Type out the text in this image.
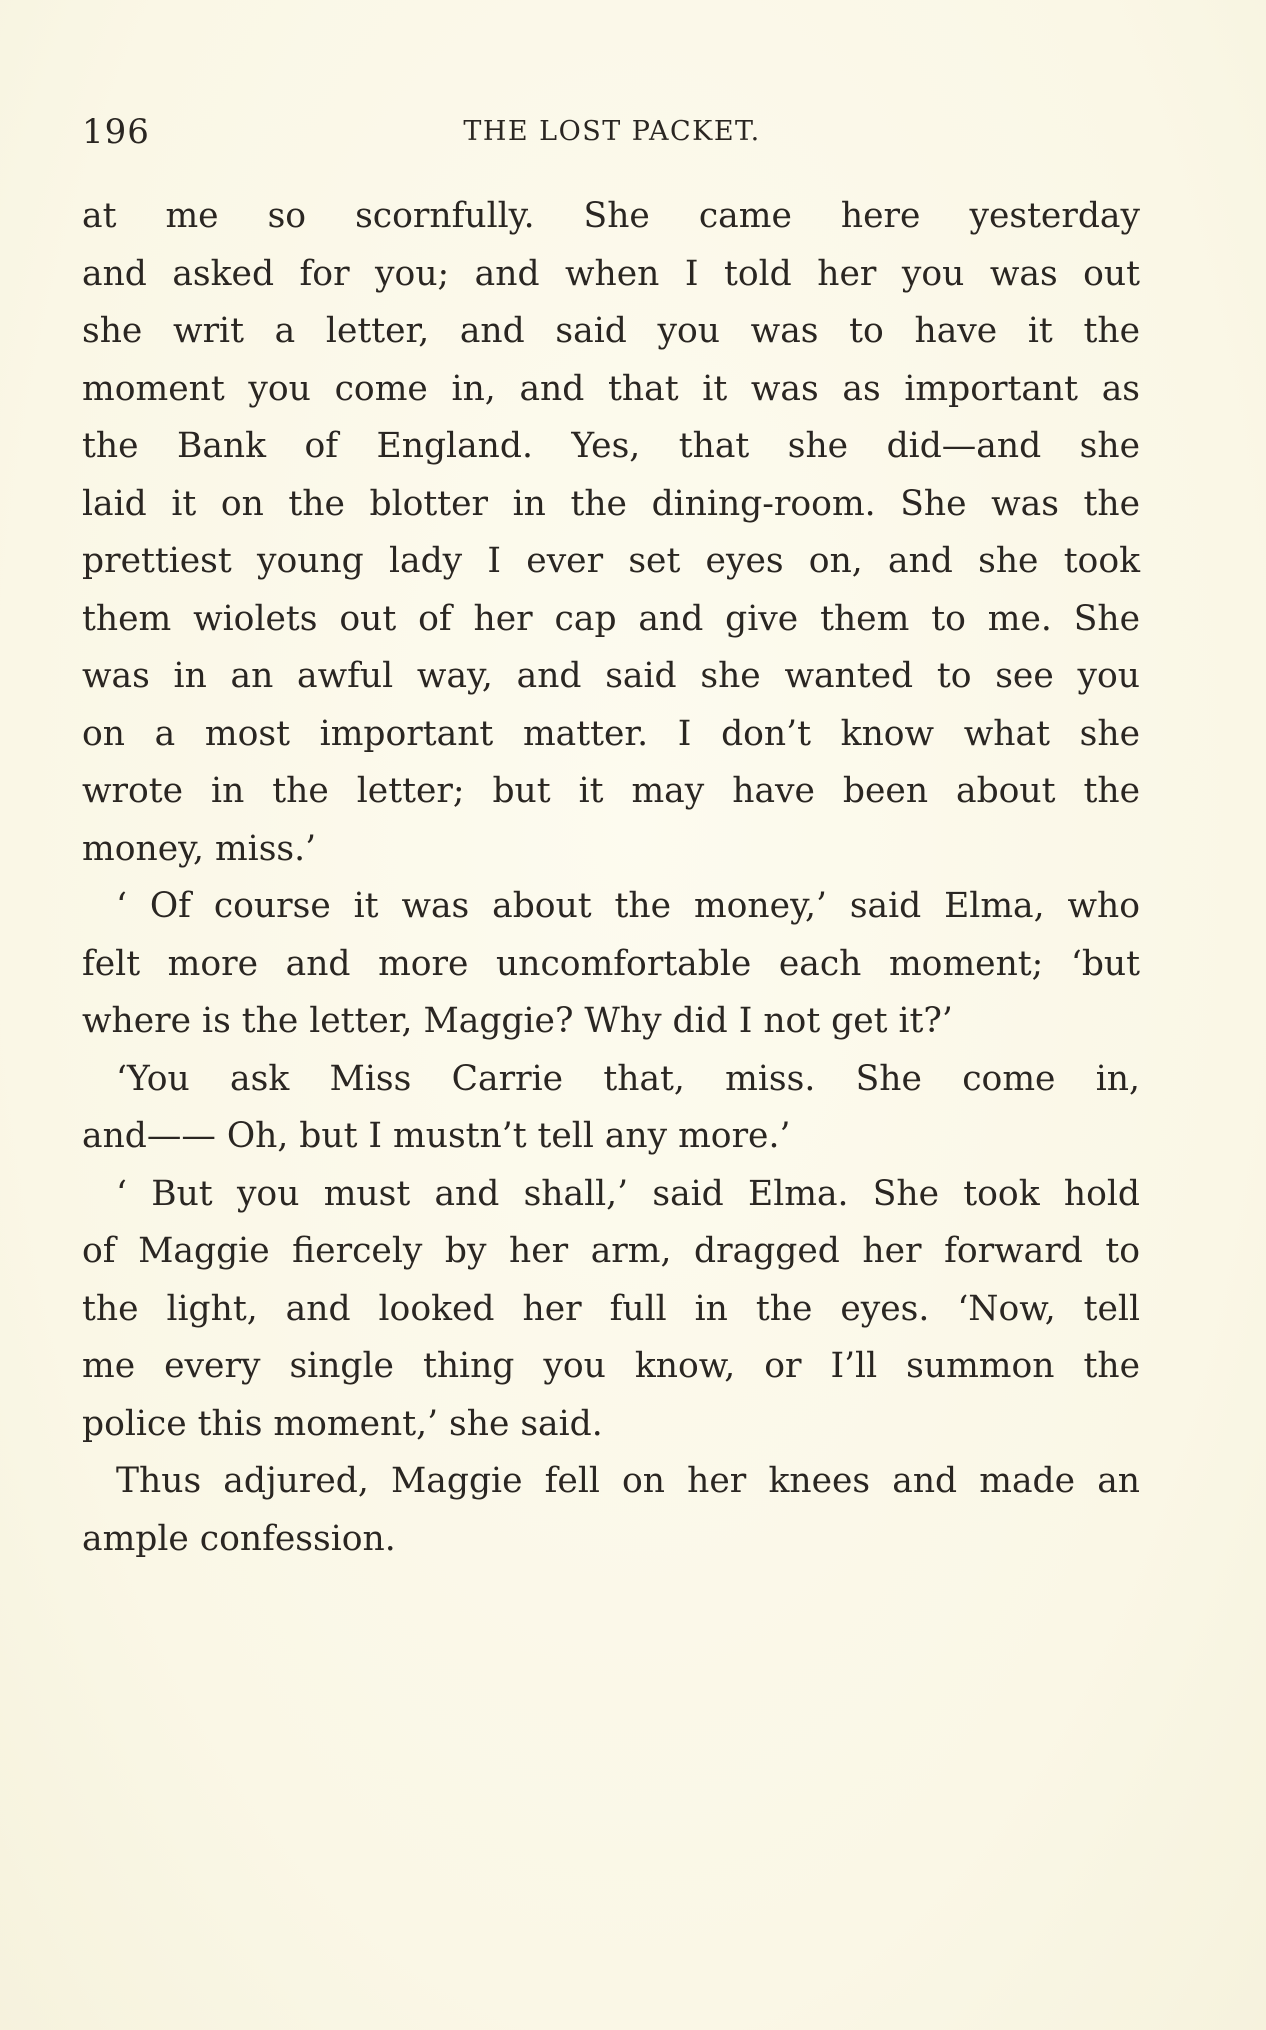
196	THE LOST PACKET.
at me so scornfully. She came here yesterday
and asked for you; and when I told her you was out
she writ a letter, and said you was to have it the
moment you come in, and that it was as important as
the Bank of England. Yes, that she did—and she
laid it on the blotter in the dining-room. She was the
prettiest young lady I ever set eyes on, and she took
them wiolets out of her cap and give them to me. She
was in an awful way, and said she wanted to see you
on a most important matter. I don’t know what she
wrote in the letter; but it may have been about the
money, miss.’
‘ Of course it was about the money,’ said Elma, who
felt more and more uncomfortable each moment; ‘but
where is the letter, Maggie? Why did I not get it?’
‘You ask Miss Carrie that, miss. She come in,
and—— Oh, but I mustn’t tell any more.’
‘ But you must and shall,’ said Elma. She took hold
of Maggie fiercely by her arm, dragged her forward to
the light, and looked her full in the eyes. ‘Now, tell
me every single thing you know, or I’ll summon the
police this moment,’ she said.
Thus adjured, Maggie fell on her knees and made an
ample confession.
